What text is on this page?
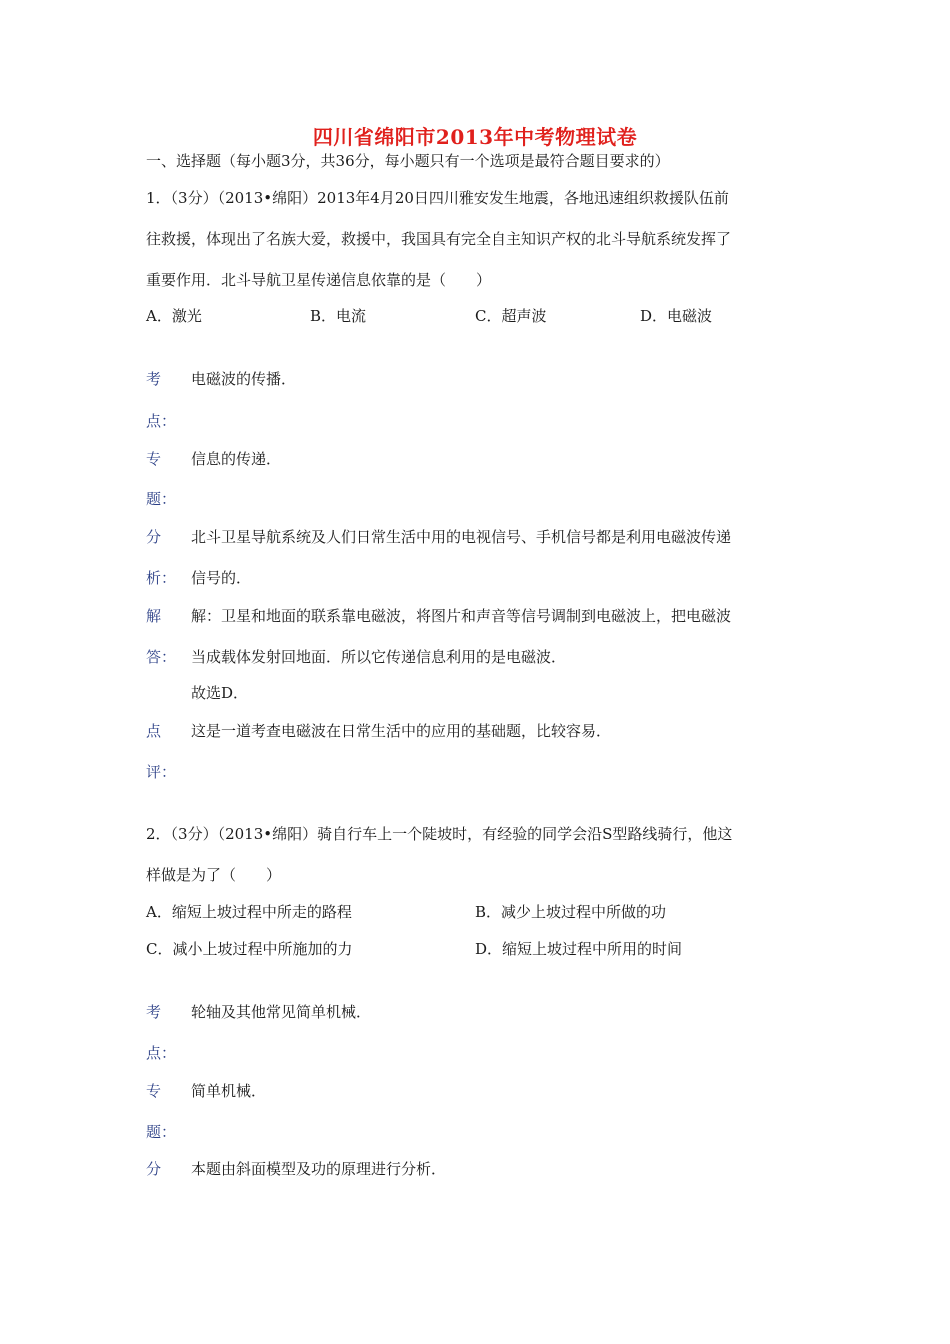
四川省绵阳市2013年中考物理试卷
一、选择题（每小题3分，共36分，每小题只有一个选项是最符合题目要求的）
1．（3分）（2013•绵阳）2013年4月20日四川雅安发生地震，各地迅速组织救援队伍前
往救援，体现出了名族大爱，救援中，我国具有完全自主知识产权的北斗导航系统发挥了
重要作用．北斗导航卫星传递信息依靠的是（　　）
A．激光	B．电流	C．超声波	D．电磁波
考 电磁波的传播．
点：
专 信息的传递．
题：
分 北斗卫星导航系统及人们日常生活中用的电视信号、手机信号都是利用电磁波传递
析： 信号的．
解 解：卫星和地面的联系靠电磁波，将图片和声音等信号调制到电磁波上，把电磁波
答： 当成载体发射回地面．所以它传递信息利用的是电磁波．
故选D．
点 这是一道考查电磁波在日常生活中的应用的基础题，比较容易．
评：
2．（3分）（2013•绵阳）骑自行车上一个陡坡时，有经验的同学会沿S型路线骑行，他这
样做是为了（　　）
A．缩短上坡过程中所走的路程	B．减少上坡过程中所做的功
C．减小上坡过程中所施加的力	D．缩短上坡过程中所用的时间
考 轮轴及其他常见简单机械．
点：
专 简单机械．
题：
分 本题由斜面模型及功的原理进行分析．
